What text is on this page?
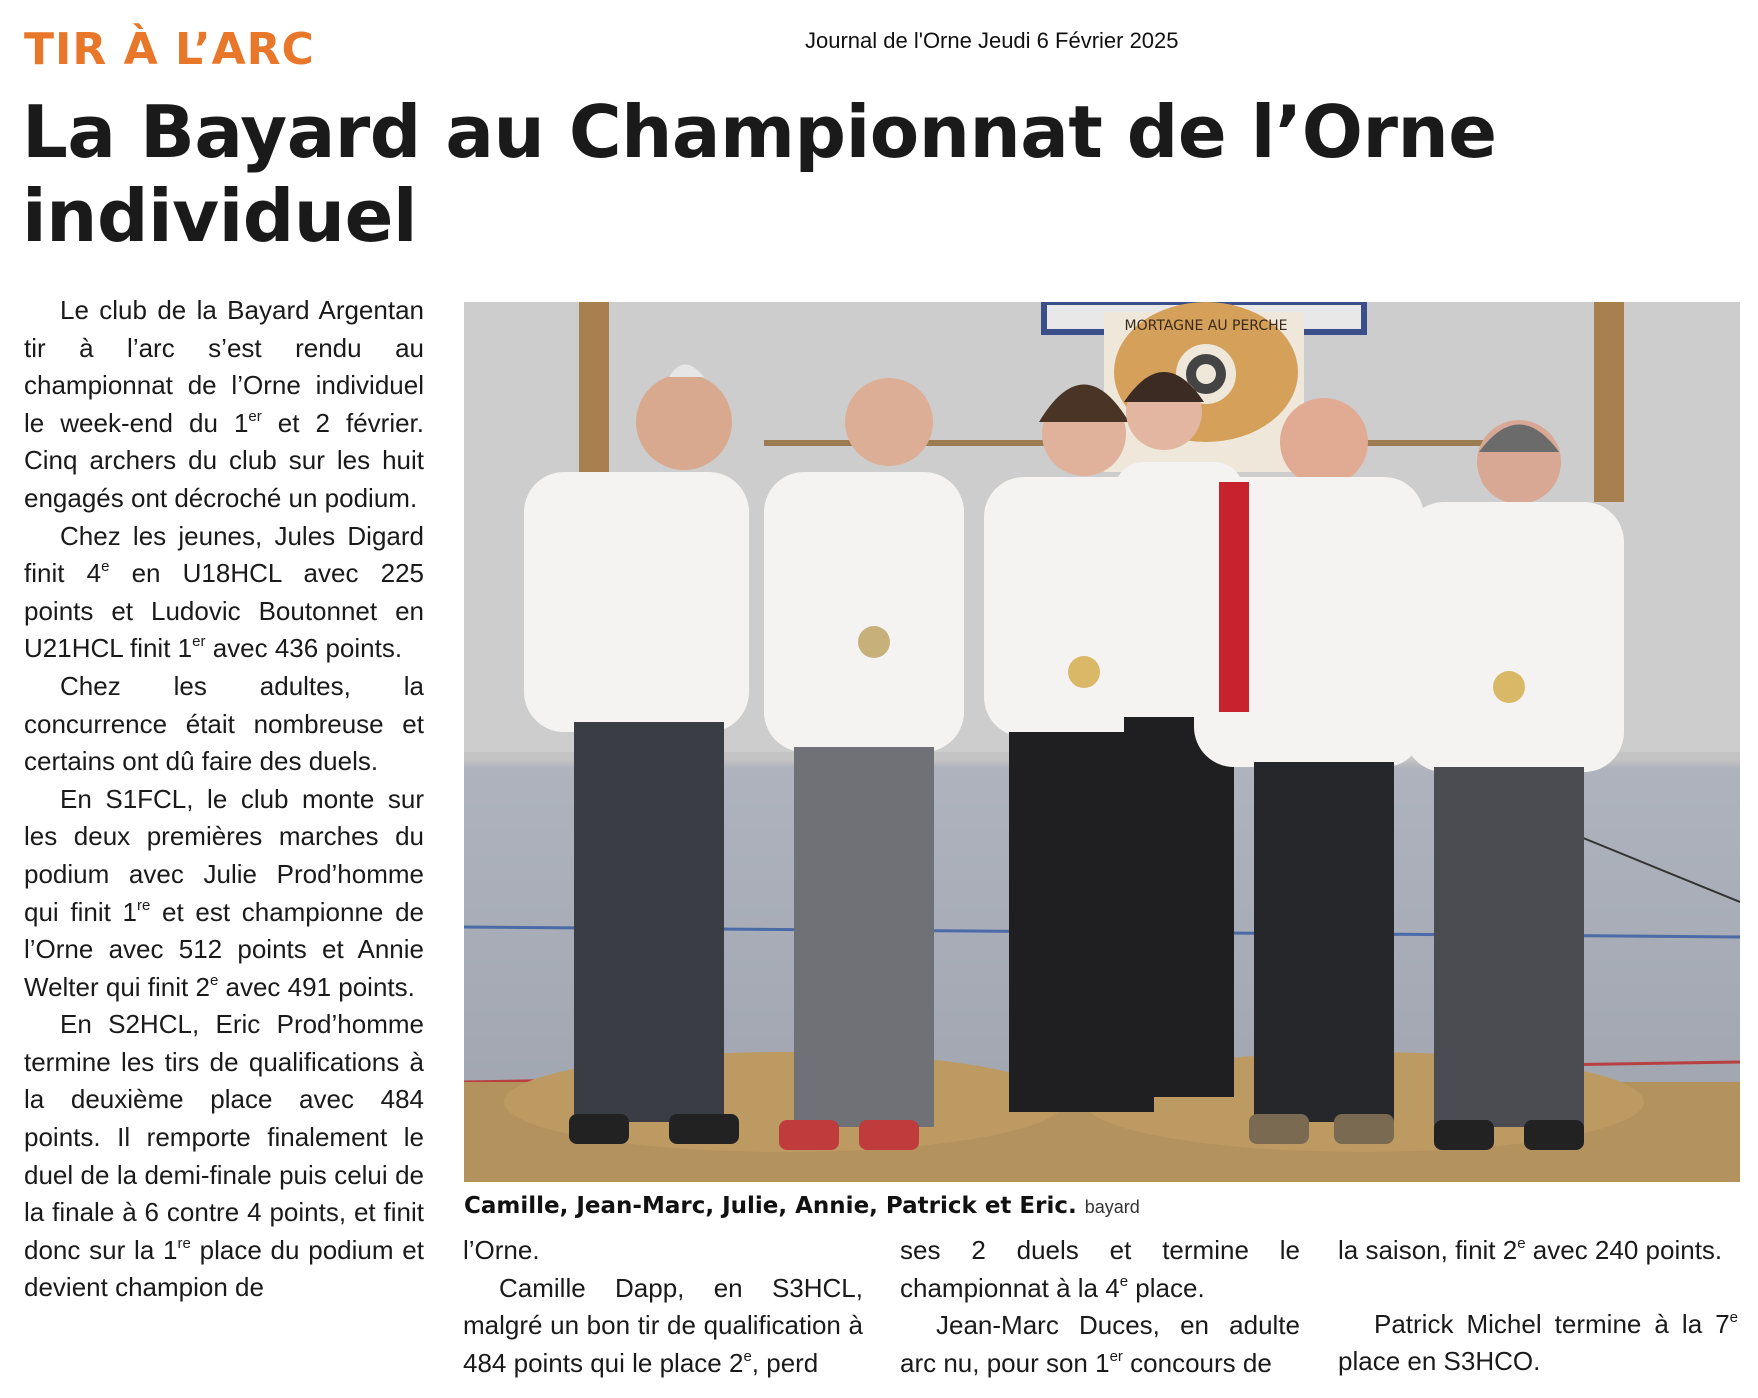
TIR À L’ARC	Journal de l'Orne Jeudi 6 Février 2025
La Bayard au Championnat de l’Orne individuel

Le club de la Bayard Argentan tir à l’arc s’est rendu au championnat de l’Orne individuel le week-end du 1er et 2 février. Cinq archers du club sur les huit engagés ont décroché un podium.

Chez les jeunes, Jules Digard finit 4e en U18HCL avec 225 points et Ludovic Boutonnet en U21HCL finit 1er avec 436 points.

Chez les adultes, la concurrence était nombreuse et certains ont dû faire des duels.

En S1FCL, le club monte sur les deux premières marches du podium avec Julie Prod’homme qui finit 1re et est championne de l’Orne avec 512 points et Annie Welter qui finit 2e avec 491 points.

En S2HCL, Eric Prod’homme termine les tirs de qualifications à la deuxième place avec 484 points. Il remporte finalement le duel de la demi-finale puis celui de la finale à 6 contre 4 points, et finit donc sur la 1re place du podium et devient champion de

MORTAGNE AU PERCHE
Camille, Jean-Marc, Julie, Annie, Patrick et Eric. bayard

l’Orne.

Camille Dapp, en S3HCL, malgré un bon tir de qualification à 484 points qui le place 2e, perd

ses 2 duels et termine le championnat à la 4e place.

Jean-Marc Duces, en adulte arc nu, pour son 1er concours de

la saison, finit 2e avec 240 points.

Patrick Michel termine à la 7e place en S3HCO.
